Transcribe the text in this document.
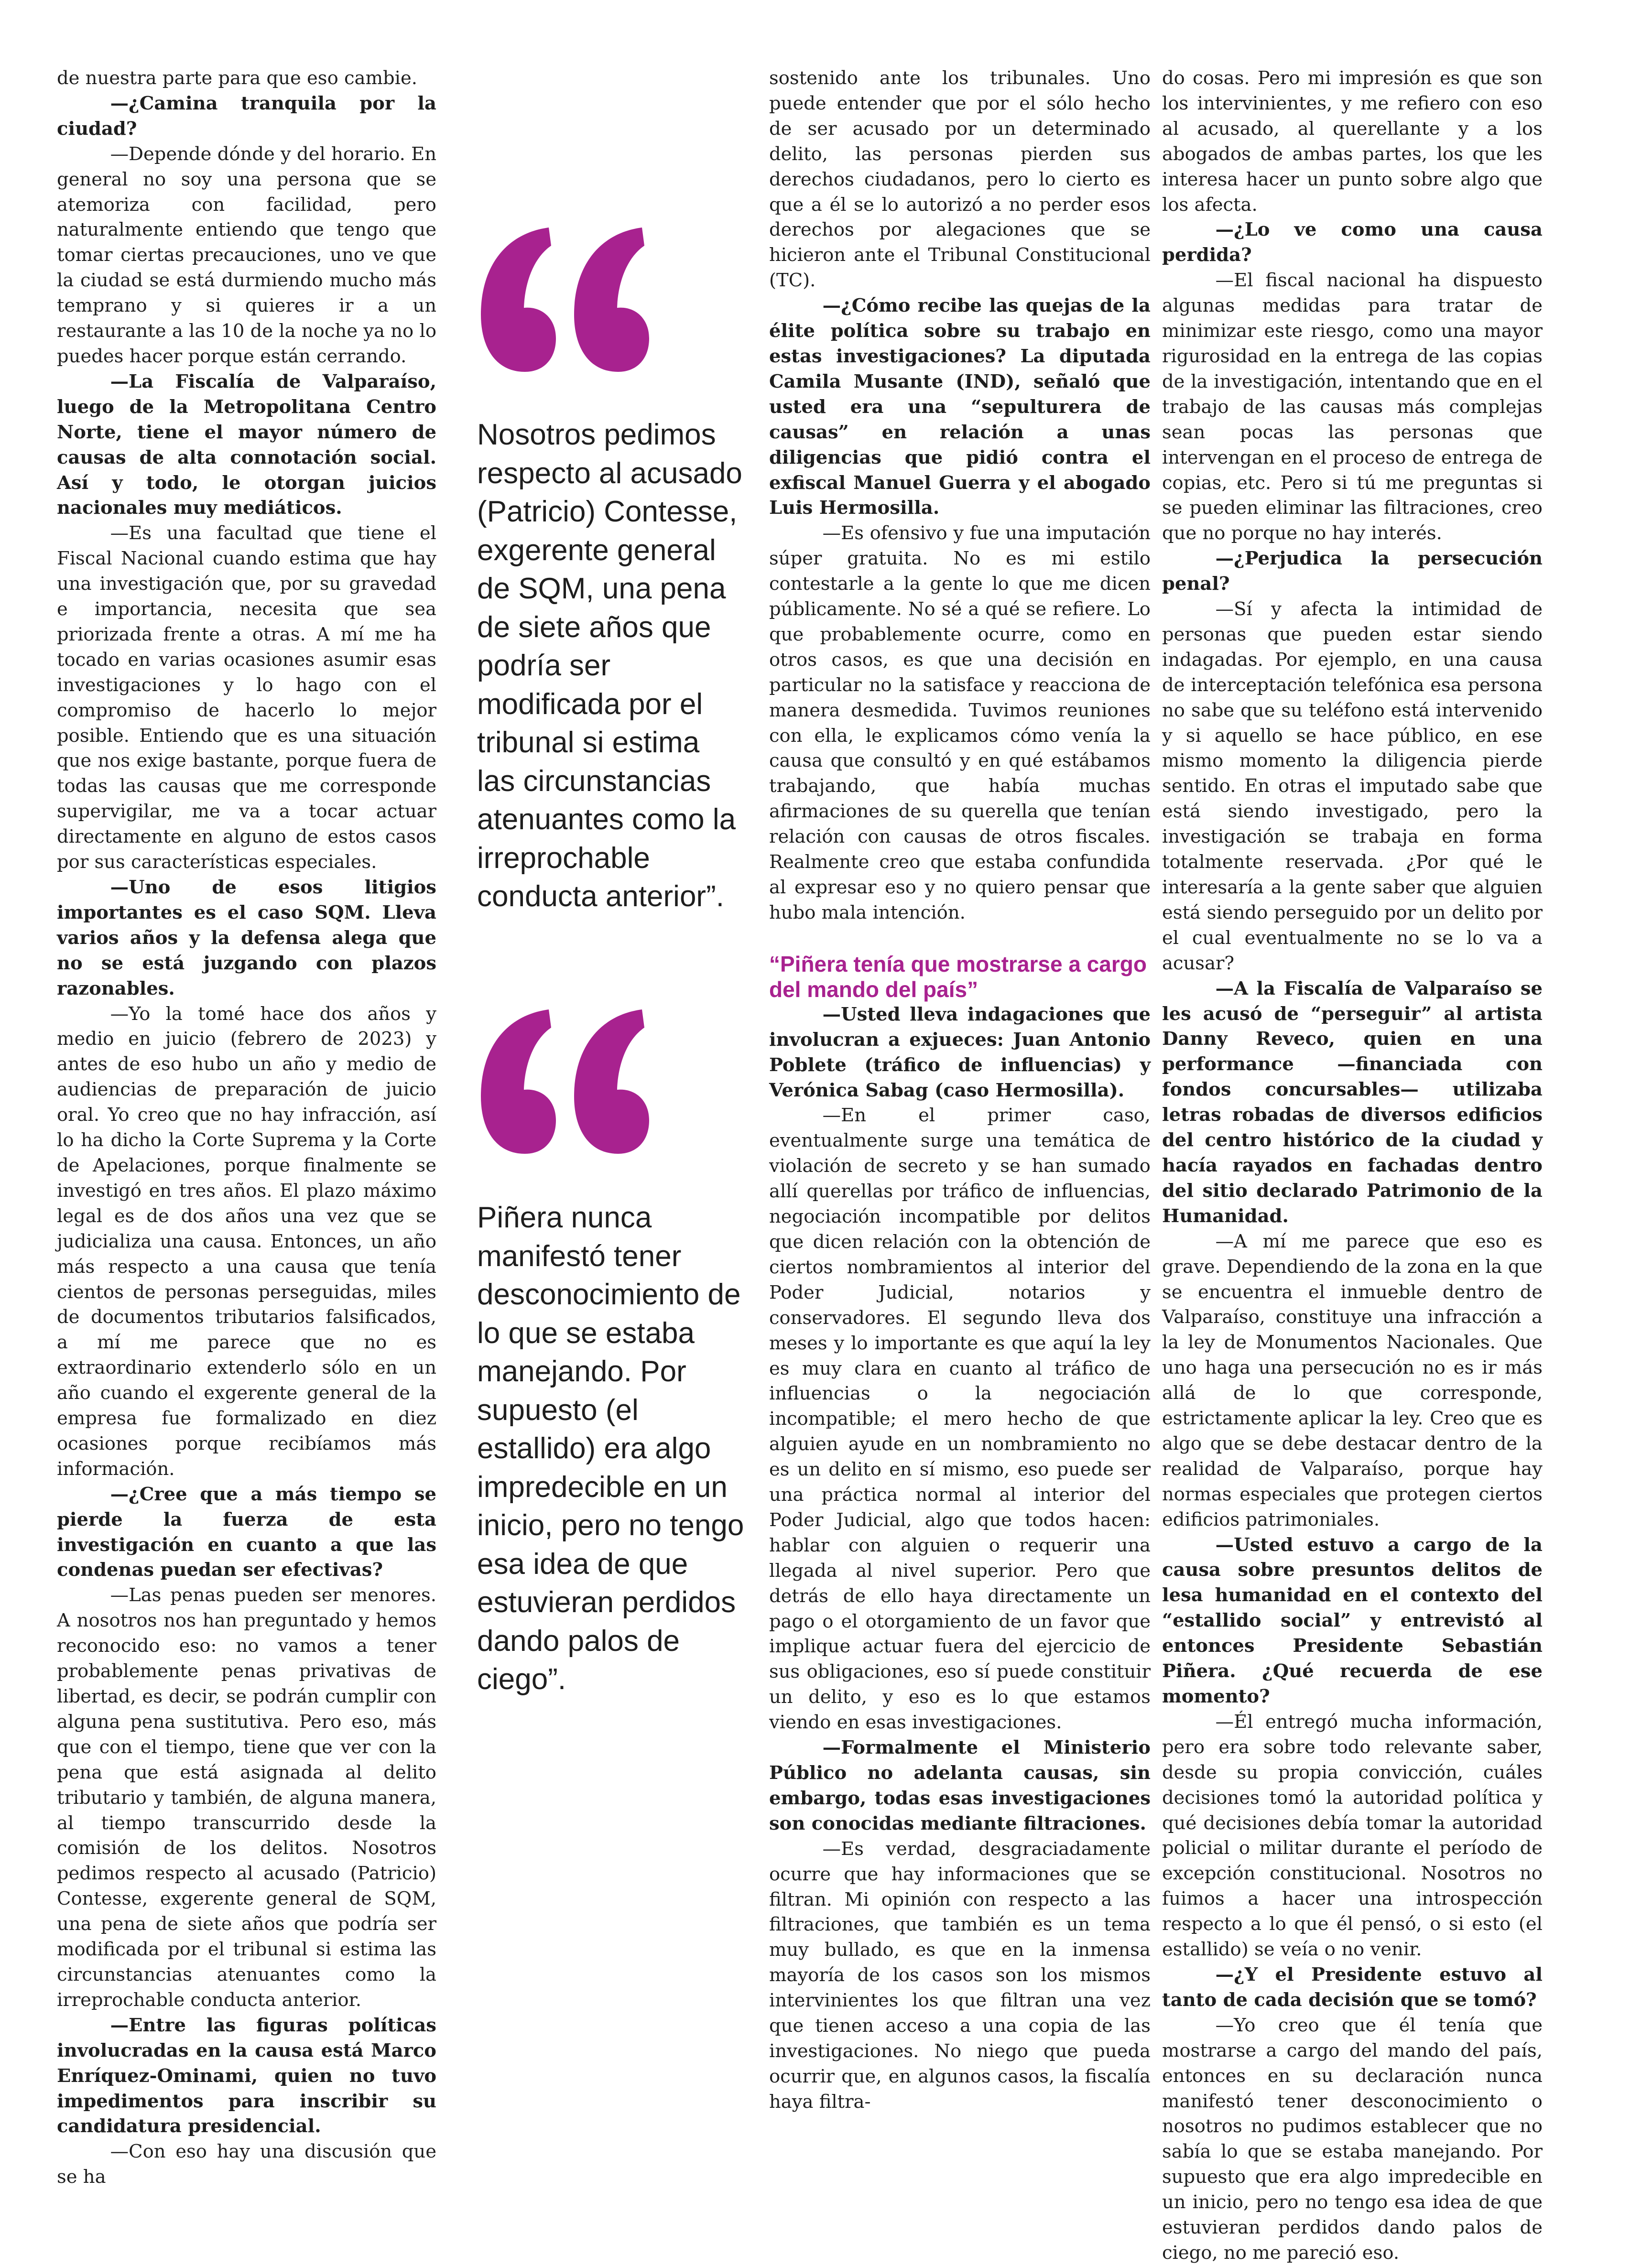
de nuestra parte para que eso cambie.

—¿Camina tranquila por la ciudad?

—Depende dónde y del horario. En general no soy una persona que se atemoriza con facilidad, pero naturalmente entiendo que tengo que tomar ciertas precauciones, uno ve que la ciudad se está durmiendo mucho más temprano y si quieres ir a un restaurante a las 10 de la noche ya no lo puedes hacer porque están cerrando.

—La Fiscalía de Valparaíso, luego de la Metropolitana Centro Norte, tiene el mayor número de causas de alta connotación social. Así y todo, le otorgan juicios nacionales muy mediáticos.

—Es una facultad que tiene el Fiscal Nacional cuando estima que hay una investigación que, por su gravedad e importancia, necesita que sea priorizada frente a otras. A mí me ha tocado en varias ocasiones asumir esas investigaciones y lo hago con el compromiso de hacerlo lo mejor posible. Entiendo que es una situación que nos exige bastante, porque fuera de todas las causas que me corresponde supervigilar, me va a tocar actuar directamente en alguno de estos casos por sus características especiales.

—Uno de esos litigios importantes es el caso SQM. Lleva varios años y la defensa alega que no se está juzgando con plazos razonables.

—Yo la tomé hace dos años y medio en juicio (febrero de 2023) y antes de eso hubo un año y medio de audiencias de preparación de juicio oral. Yo creo que no hay infracción, así lo ha dicho la Corte Suprema y la Corte de Apelaciones, porque finalmente se investigó en tres años. El plazo máximo legal es de dos años una vez que se judicializa una causa. Entonces, un año más respecto a una causa que tenía cientos de personas perseguidas, miles de documentos tributarios falsificados, a mí me parece que no es extraordinario extenderlo sólo en un año cuando el exgerente general de la empresa fue formalizado en diez ocasiones porque recibíamos más información.

—¿Cree que a más tiempo se pierde la fuerza de esta investigación en cuanto a que las condenas puedan ser efectivas?

—Las penas pueden ser menores. A nosotros nos han preguntado y hemos reconocido eso: no vamos a tener probablemente penas privativas de libertad, es decir, se podrán cumplir con alguna pena sustitutiva. Pero eso, más que con el tiempo, tiene que ver con la pena que está asignada al delito tributario y también, de alguna manera, al tiempo transcurrido desde la comisión de los delitos. Nosotros pedimos respecto al acusado (Patricio) Contesse, exgerente general de SQM, una pena de siete años que podría ser modificada por el tribunal si estima las circunstancias atenuantes como la irreprochable conducta anterior.

—Entre las figuras políticas involucradas en la causa está Marco Enríquez-Ominami, quien no tuvo impedimentos para inscribir su candidatura presidencial.

—Con eso hay una discusión que se ha

Nosotros pedimos respecto al acusado (Patricio) Contesse, exgerente general de SQM, una pena de siete años que podría ser modificada por el tribunal si estima las circunstancias atenuantes como la irreprochable conducta anterior”.

Piñera nunca manifestó tener desconocimiento de lo que se estaba manejando. Por supuesto (el estallido) era algo impredecible en un inicio, pero no tengo esa idea de que estuvieran perdidos dando palos de ciego”.

sostenido ante los tribunales. Uno puede entender que por el sólo hecho de ser acusado por un determinado delito, las personas pierden sus derechos ciudadanos, pero lo cierto es que a él se lo autorizó a no perder esos derechos por alegaciones que se hicieron ante el Tribunal Constitucional (TC).

—¿Cómo recibe las quejas de la élite política sobre su trabajo en estas investigaciones? La diputada Camila Musante (IND), señaló que usted era una “sepulturera de causas” en relación a unas diligencias que pidió contra el exfiscal Manuel Guerra y el abogado Luis Hermosilla.

—Es ofensivo y fue una imputación súper gratuita. No es mi estilo contestarle a la gente lo que me dicen públicamente. No sé a qué se refiere. Lo que probablemente ocurre, como en otros casos, es que una decisión en particular no la satisface y reacciona de manera desmedida. Tuvimos reuniones con ella, le explicamos cómo venía la causa que consultó y en qué estábamos trabajando, que había muchas afirmaciones de su querella que tenían relación con causas de otros fiscales. Realmente creo que estaba confundida al expresar eso y no quiero pensar que hubo mala intención.

“Piñera tenía que mostrarse a cargo del mando del país”

—Usted lleva indagaciones que involucran a exjueces: Juan Antonio Poblete (tráfico de influencias) y Verónica Sabag (caso Hermosilla).

—En el primer caso, eventualmente surge una temática de violación de secreto y se han sumado allí querellas por tráfico de influencias, negociación incompatible por delitos que dicen relación con la obtención de ciertos nombramientos al interior del Poder Judicial, notarios y conservadores. El segundo lleva dos meses y lo importante es que aquí la ley es muy clara en cuanto al tráfico de influencias o la negociación incompatible; el mero hecho de que alguien ayude en un nombramiento no es un delito en sí mismo, eso puede ser una práctica normal al interior del Poder Judicial, algo que todos hacen: hablar con alguien o requerir una llegada al nivel superior. Pero que detrás de ello haya directamente un pago o el otorgamiento de un favor que implique actuar fuera del ejercicio de sus obligaciones, eso sí puede constituir un delito, y eso es lo que estamos viendo en esas investigaciones.

—Formalmente el Ministerio Público no adelanta causas, sin embargo, todas esas investigaciones son conocidas mediante filtraciones.

—Es verdad, desgraciadamente ocurre que hay informaciones que se filtran. Mi opinión con respecto a las filtraciones, que también es un tema muy bullado, es que en la inmensa mayoría de los casos son los mismos intervinientes los que filtran una vez que tienen acceso a una copia de las investigaciones. No niego que pueda ocurrir que, en algunos casos, la fiscalía haya filtra-

do cosas. Pero mi impresión es que son los intervinientes, y me refiero con eso al acusado, al querellante y a los abogados de ambas partes, los que les interesa hacer un punto sobre algo que los afecta.

—¿Lo ve como una causa perdida?

—El fiscal nacional ha dispuesto algunas medidas para tratar de minimizar este riesgo, como una mayor rigurosidad en la entrega de las copias de la investigación, intentando que en el trabajo de las causas más complejas sean pocas las personas que intervengan en el proceso de entrega de copias, etc. Pero si tú me preguntas si se pueden eliminar las filtraciones, creo que no porque no hay interés.

—¿Perjudica la persecución penal?

—Sí y afecta la intimidad de personas que pueden estar siendo indagadas. Por ejemplo, en una causa de interceptación telefónica esa persona no sabe que su teléfono está intervenido y si aquello se hace público, en ese mismo momento la diligencia pierde sentido. En otras el imputado sabe que está siendo investigado, pero la investigación se trabaja en forma totalmente reservada. ¿Por qué le interesaría a la gente saber que alguien está siendo perseguido por un delito por el cual eventualmente no se lo va a acusar?

—A la Fiscalía de Valparaíso se les acusó de “perseguir” al artista Danny Reveco, quien en una performance —financiada con fondos concursables— utilizaba letras robadas de diversos edificios del centro histórico de la ciudad y hacía rayados en fachadas dentro del sitio declarado Patrimonio de la Humanidad.

—A mí me parece que eso es grave. Dependiendo de la zona en la que se encuentra el inmueble dentro de Valparaíso, constituye una infracción a la ley de Monumentos Nacionales. Que uno haga una persecución no es ir más allá de lo que corresponde, estrictamente aplicar la ley. Creo que es algo que se debe destacar dentro de la realidad de Valparaíso, porque hay normas especiales que protegen ciertos edificios patrimoniales.

—Usted estuvo a cargo de la causa sobre presuntos delitos de lesa humanidad en el contexto del “estallido social” y entrevistó al entonces Presidente Sebastián Piñera. ¿Qué recuerda de ese momento?

—Él entregó mucha información, pero era sobre todo relevante saber, desde su propia convicción, cuáles decisiones tomó la autoridad política y qué decisiones debía tomar la autoridad policial o militar durante el período de excepción constitucional. Nosotros no fuimos a hacer una introspección respecto a lo que él pensó, o si esto (el estallido) se veía o no venir.

—¿Y el Presidente estuvo al tanto de cada decisión que se tomó?

—Yo creo que él tenía que mostrarse a cargo del mando del país, entonces en su declaración nunca manifestó tener desconocimiento o nosotros no pudimos establecer que no sabía lo que se estaba manejando. Por supuesto que era algo impredecible en un inicio, pero no tengo esa idea de que estuvieran perdidos dando palos de ciego, no me pareció eso.
